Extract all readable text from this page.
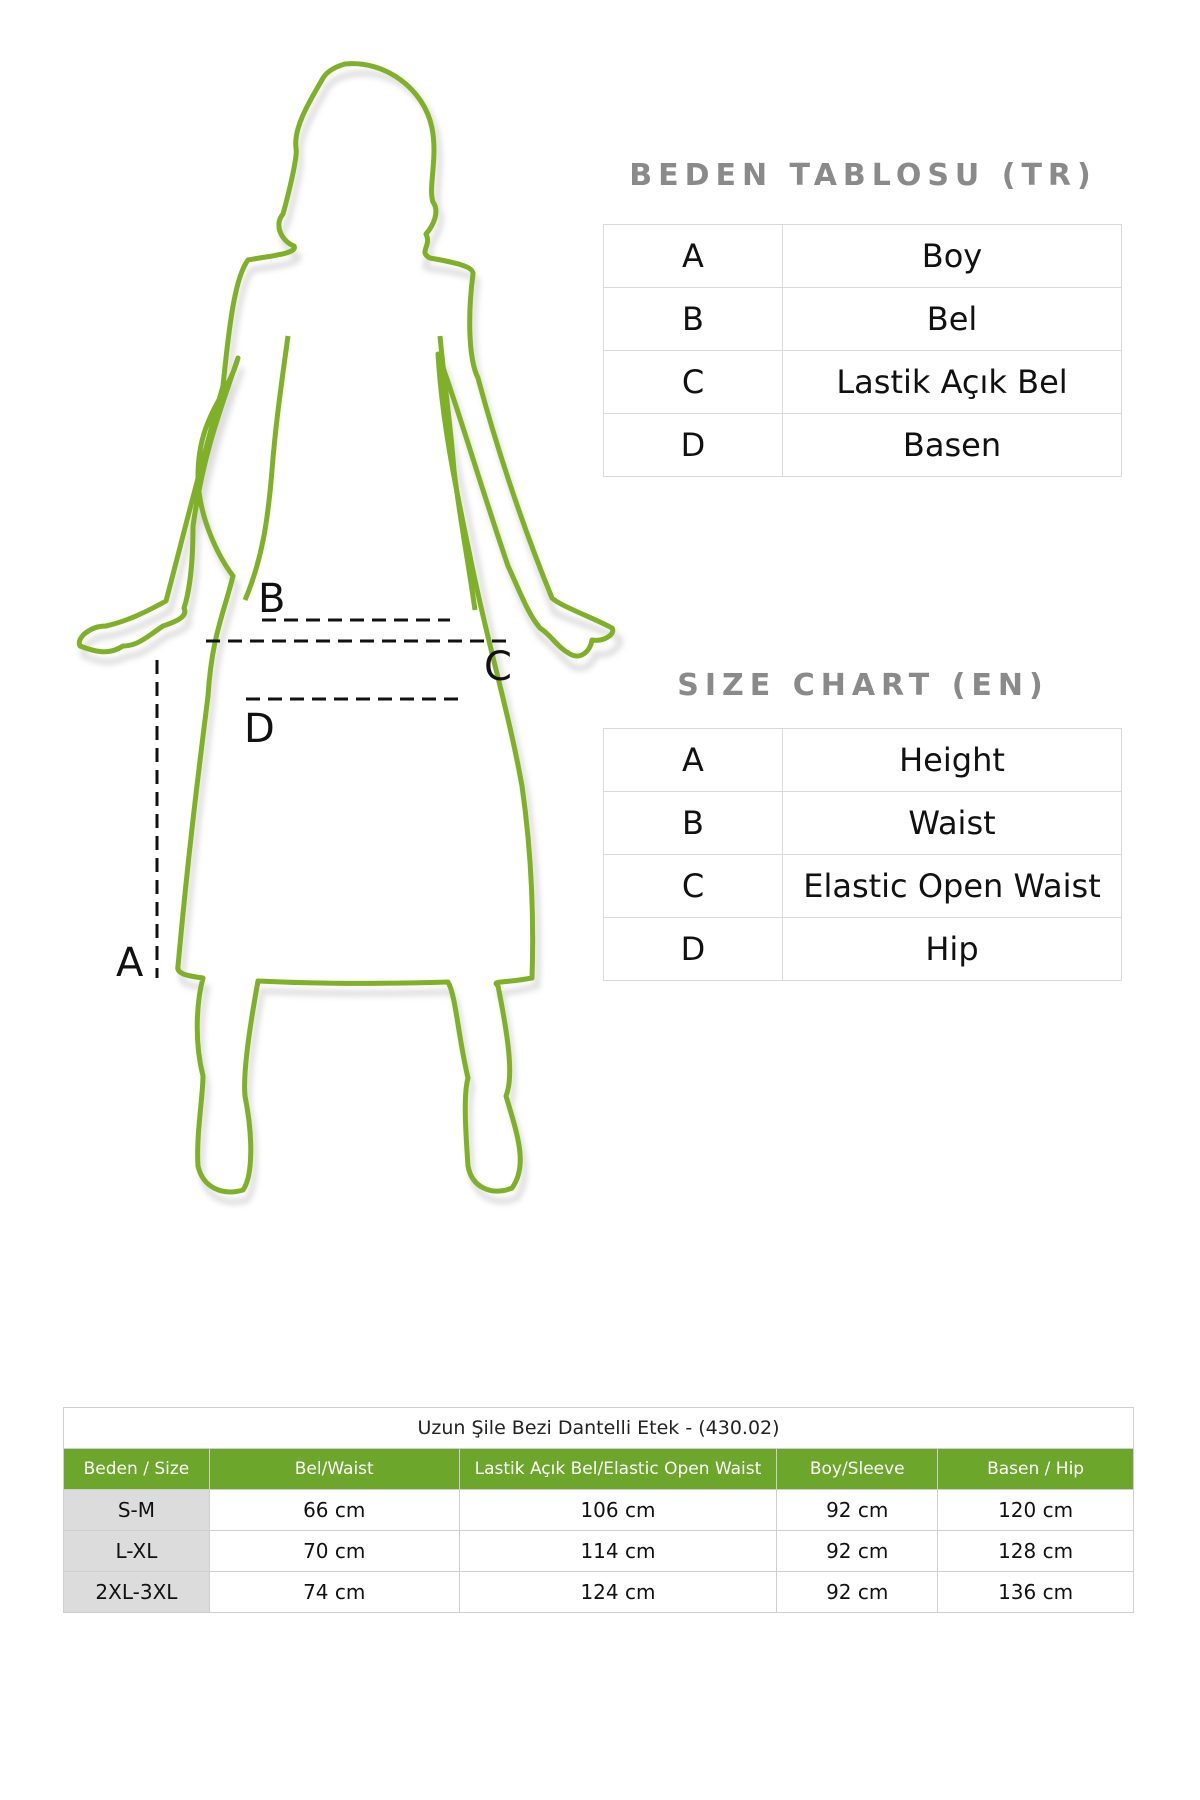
B
C
D
A
BEDEN TABLOSU (TR)
A	Boy
B	Bel
C	Lastik Açık Bel
D	Basen
SIZE CHART (EN)
A	Height
B	Waist
C	Elastic Open Waist
D	Hip
Uzun Şile Bezi Dantelli Etek - (430.02)				
Beden / Size	Bel/Waist	Lastik Açık Bel/Elastic Open Waist	Boy/Sleeve	Basen / Hip
S-M	66 cm	106 cm	92 cm	120 cm
L-XL	70 cm	114 cm	92 cm	128 cm
2XL-3XL	74 cm	124 cm	92 cm	136 cm
